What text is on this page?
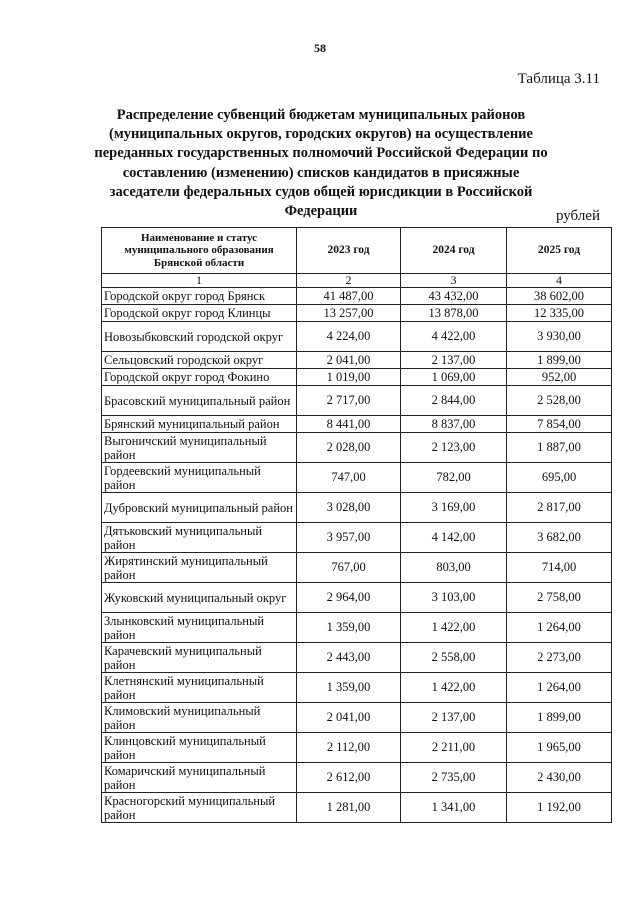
58
Таблица 3.11
Распределение субвенций бюджетам муниципальных районов (муниципальных округов, городских округов) на осуществление переданных государственных полномочий Российской Федерации по составлению (изменению) списков кандидатов в присяжные заседатели федеральных судов общей юрисдикции в Российской Федерации	рублей
Наименование и статус муниципального образования Брянской области	2023 год	2024 год	2025 год
1	2	3	4
Городской округ город Брянск	41 487,00	43 432,00	38 602,00
Городской округ город Клинцы	13 257,00	13 878,00	12 335,00
Новозыбковский городской округ	4 224,00	4 422,00	3 930,00
Сельцовский городской округ	2 041,00	2 137,00	1 899,00
Городской округ город Фокино	1 019,00	1 069,00	952,00
Брасовский муниципальный район	2 717,00	2 844,00	2 528,00
Брянский муниципальный район	8 441,00	8 837,00	7 854,00
Выгоничский муниципальный район	2 028,00	2 123,00	1 887,00
Гордеевский муниципальный район	747,00	782,00	695,00
Дубровский муниципальный район	3 028,00	3 169,00	2 817,00
Дятьковский муниципальный район	3 957,00	4 142,00	3 682,00
Жирятинский муниципальный район	767,00	803,00	714,00
Жуковский муниципальный округ	2 964,00	3 103,00	2 758,00
Злынковский муниципальный район	1 359,00	1 422,00	1 264,00
Карачевский муниципальный район	2 443,00	2 558,00	2 273,00
Клетнянский муниципальный район	1 359,00	1 422,00	1 264,00
Климовский муниципальный район	2 041,00	2 137,00	1 899,00
Клинцовский муниципальный район	2 112,00	2 211,00	1 965,00
Комаричский муниципальный район	2 612,00	2 735,00	2 430,00
Красногорский муниципальный район	1 281,00	1 341,00	1 192,00
